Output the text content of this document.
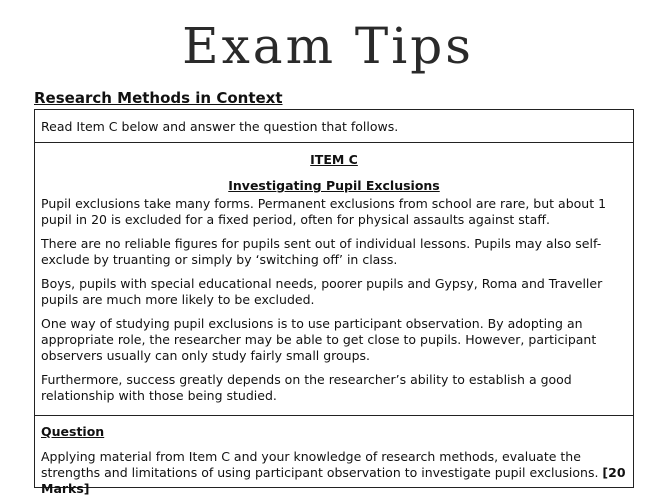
Exam Tips
Research Methods in Context
Read Item C below and answer the question that follows.
ITEM C
Investigating Pupil Exclusions

Pupil exclusions take many forms. Permanent exclusions from school are rare, but about 1 pupil in 20 is excluded for a fixed period, often for physical assaults against staff.

There are no reliable figures for pupils sent out of individual lessons. Pupils may also self-exclude by truanting or simply by ‘switching off’ in class.

Boys, pupils with special educational needs, poorer pupils and Gypsy, Roma and Traveller pupils are much more likely to be excluded.

One way of studying pupil exclusions is to use participant observation. By adopting an appropriate role, the researcher may be able to get close to pupils. However, participant observers usually can only study fairly small groups.

Furthermore, success greatly depends on the researcher’s ability to establish a good relationship with those being studied.

Question
Applying material from Item C and your knowledge of research methods, evaluate the strengths and limitations of using participant observation to investigate pupil exclusions. [20 Marks]
